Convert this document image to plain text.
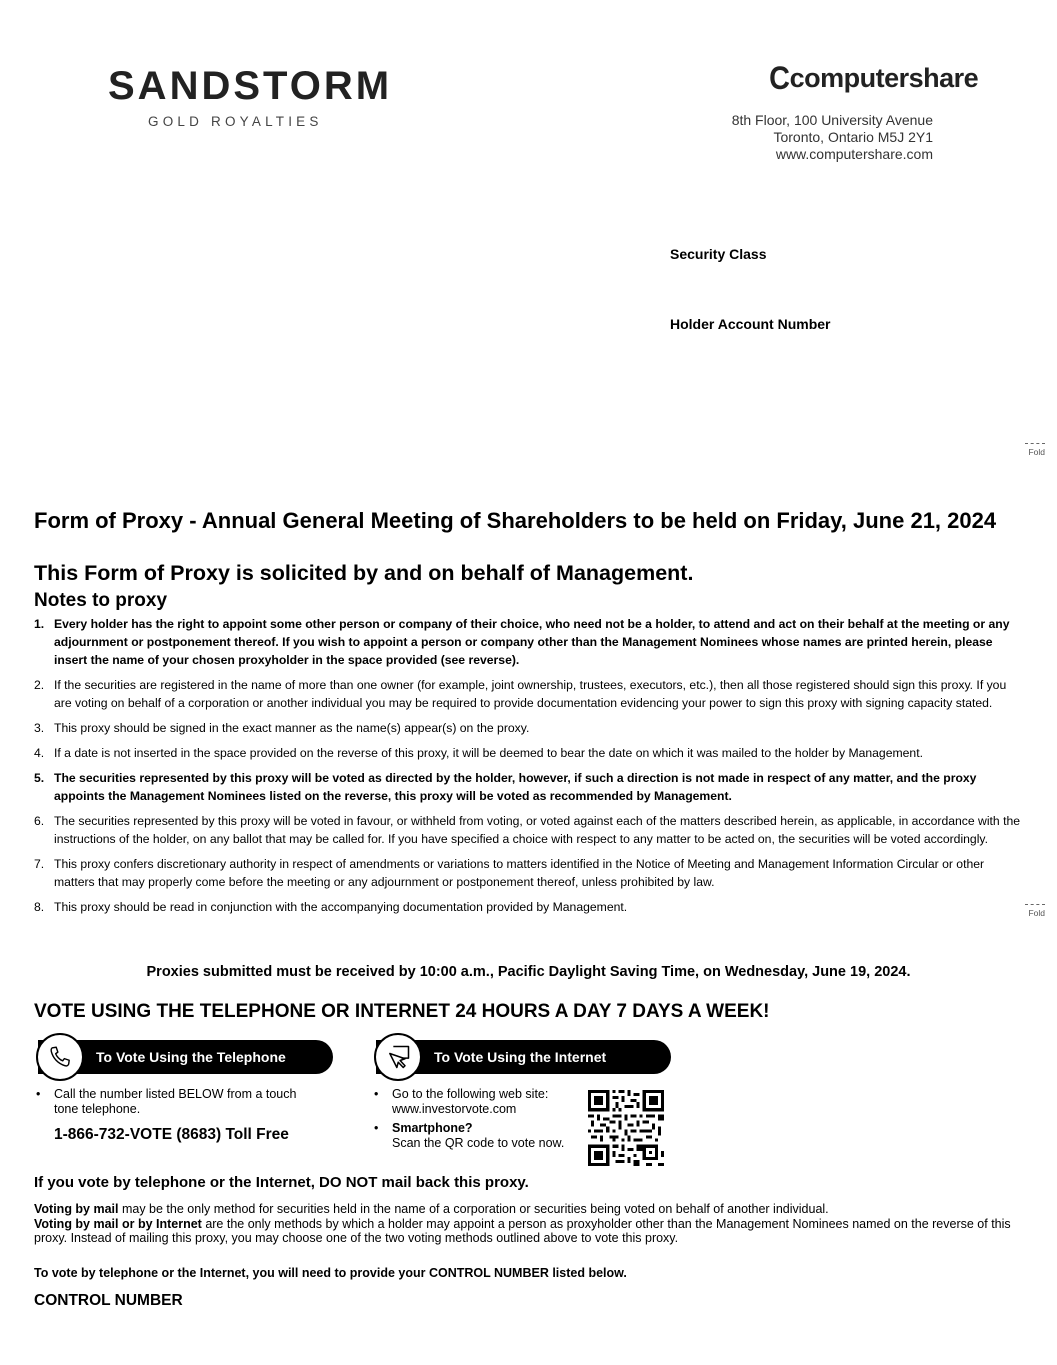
SANDSTORM
GOLD ROYALTIES
C computershare
8th Floor, 100 University Avenue
Toronto, Ontario M5J 2Y1
www.computershare.com
Security Class
Holder Account Number
Fold
Fold
Form of Proxy - Annual General Meeting of Shareholders to be held on Friday, June 21, 2024
This Form of Proxy is solicited by and on behalf of Management.
Notes to proxy
1. Every holder has the right to appoint some other person or company of their choice, who need not be a holder, to attend and act on their behalf at the meeting or any adjournment or postponement thereof. If you wish to appoint a person or company other than the Management Nominees whose names are printed herein, please insert the name of your chosen proxyholder in the space provided (see reverse).
2. If the securities are registered in the name of more than one owner (for example, joint ownership, trustees, executors, etc.), then all those registered should sign this proxy. If you are voting on behalf of a corporation or another individual you may be required to provide documentation evidencing your power to sign this proxy with signing capacity stated.
3. This proxy should be signed in the exact manner as the name(s) appear(s) on the proxy.
4. If a date is not inserted in the space provided on the reverse of this proxy, it will be deemed to bear the date on which it was mailed to the holder by Management.
5. The securities represented by this proxy will be voted as directed by the holder, however, if such a direction is not made in respect of any matter, and the proxy appoints the Management Nominees listed on the reverse, this proxy will be voted as recommended by Management.
6. The securities represented by this proxy will be voted in favour, or withheld from voting, or voted against each of the matters described herein, as applicable, in accordance with the instructions of the holder, on any ballot that may be called for. If you have specified a choice with respect to any matter to be acted on, the securities will be voted accordingly.
7. This proxy confers discretionary authority in respect of amendments or variations to matters identified in the Notice of Meeting and Management Information Circular or other matters that may properly come before the meeting or any adjournment or postponement thereof, unless prohibited by law.
8. This proxy should be read in conjunction with the accompanying documentation provided by Management.
Proxies submitted must be received by 10:00 a.m., Pacific Daylight Saving Time, on Wednesday, June 19, 2024.
VOTE USING THE TELEPHONE OR INTERNET 24 HOURS A DAY 7 DAYS A WEEK!
To Vote Using the Telephone	To Vote Using the Internet
•	Call the number listed BELOW from a touch tone telephone.
1-866-732-VOTE (8683) Toll Free
• Go to the following web site:
www.investorvote.com
• Smartphone?
Scan the QR code to vote now.
If you vote by telephone or the Internet, DO NOT mail back this proxy.
Voting by mail may be the only method for securities held in the name of a corporation or securities being voted on behalf of another individual.
Voting by mail or by Internet are the only methods by which a holder may appoint a person as proxyholder other than the Management Nominees named on the reverse of this proxy. Instead of mailing this proxy, you may choose one of the two voting methods outlined above to vote this proxy.
To vote by telephone or the Internet, you will need to provide your CONTROL NUMBER listed below.
CONTROL NUMBER
